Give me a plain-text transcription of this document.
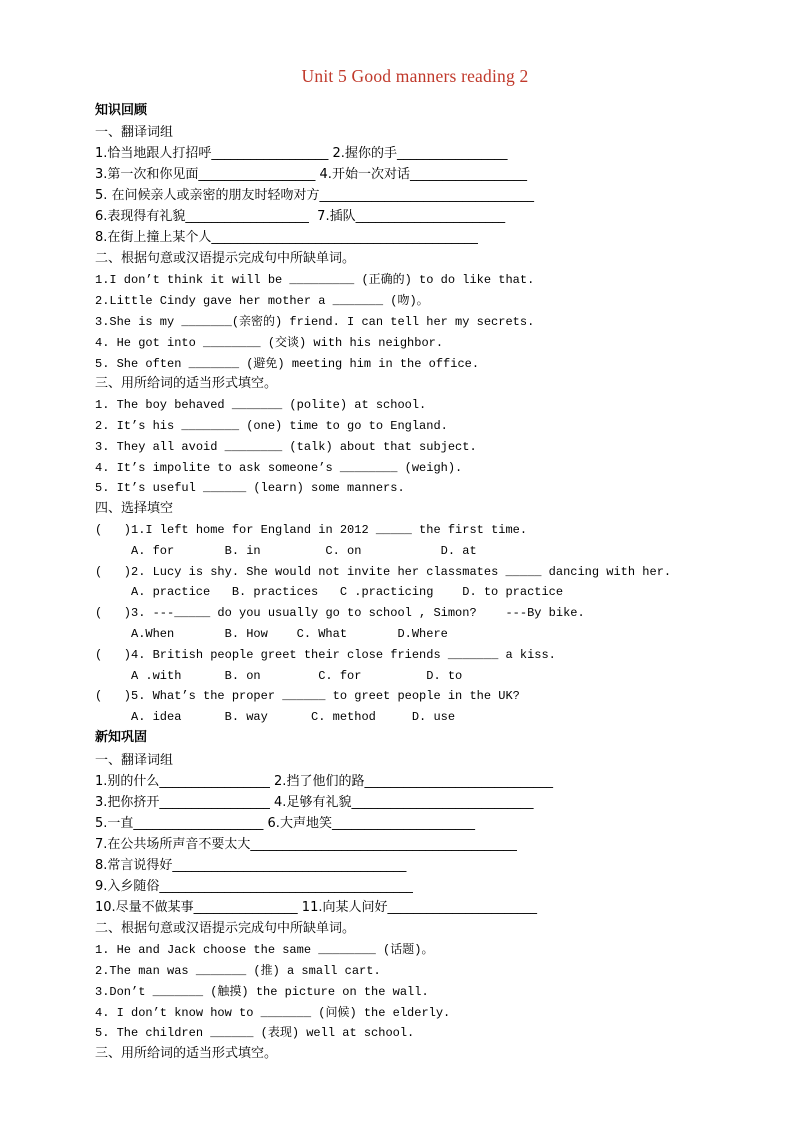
Unit 5 Good manners reading 2
知识回顾
一、翻译词组
1.恰当地跟人打招呼__________________ 2.握你的手_________________
3.第一次和你见面__________________ 4.开始一次对话__________________
5. 在问候亲人或亲密的朋友时轻吻对方_________________________________
6.表现得有礼貌___________________  7.插队_______________________
8.在街上撞上某个人_________________________________________
二、根据句意或汉语提示完成句中所缺单词。
1.I don’t think it will be _________ (正确的) to do like that.
2.Little Cindy gave her mother a _______ (吻)。
3.She is my _______(亲密的) friend. I can tell her my secrets.
4. He got into ________ (交谈) with his neighbor.
5. She often _______ (避免) meeting him in the office.
三、用所给词的适当形式填空。
1. The boy behaved _______ (polite) at school.
2. It’s his ________ (one) time to go to England.
3. They all avoid ________ (talk) about that subject.
4. It’s impolite to ask someone’s ________ (weigh).
5. It’s useful ______ (learn) some manners.
四、选择填空
(   )1.I left home for England in 2012 _____ the first time.
A. for       B. in         C. on           D. at
(   )2. Lucy is shy. She would not invite her classmates _____ dancing with her.
A. practice   B. practices   C .practicing    D. to practice
(   )3. ---_____ do you usually go to school , Simon?    ---By bike.
A.When       B. How    C. What       D.Where
(   )4. British people greet their close friends _______ a kiss.
A .with      B. on        C. for         D. to
(   )5. What’s the proper ______ to greet people in the UK?
A. idea      B. way      C. method     D. use
新知巩固
一、翻译词组
1.别的什么_________________ 2.挡了他们的路_____________________________
3.把你挤开_________________ 4.足够有礼貌____________________________
5.一直____________________ 6.大声地笑______________________
7.在公共场所声音不要太大_________________________________________
8.常言说得好____________________________________
9.入乡随俗_______________________________________
10.尽量不做某事________________ 11.向某人问好_______________________
二、根据句意或汉语提示完成句中所缺单词。
1. He and Jack choose the same ________ (话题)。
2.The man was _______ (推) a small cart.
3.Don’t _______ (触摸) the picture on the wall.
4. I don’t know how to _______ (问候) the elderly.
5. The children ______ (表现) well at school.
三、用所给词的适当形式填空。
